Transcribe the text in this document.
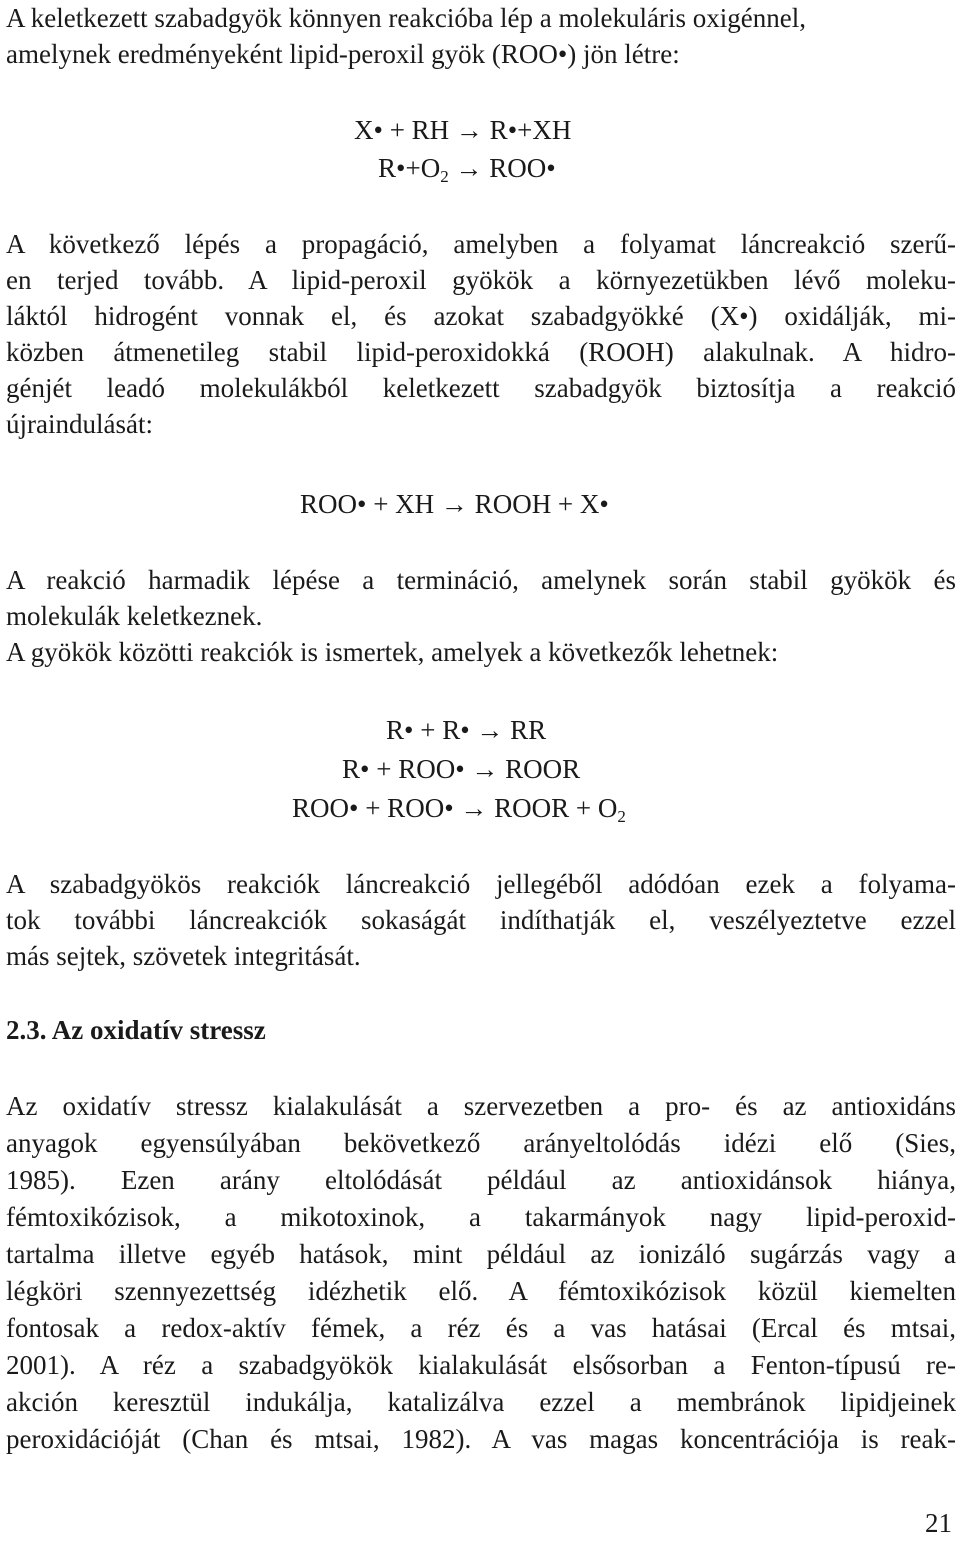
A keletkezett szabadgyök könnyen reakcióba lép a molekuláris oxigénnel,
amelynek eredményeként lipid-peroxil gyök (ROO•) jön létre:
X• + RH → R•+XH
$R•+O_2$ → ROO•
A következő lépés a propagáció, amelyben a folyamat láncreakció szerű-
en terjed tovább. A lipid-peroxil gyökök a környezetükben lévő moleku-
láktól hidrogént vonnak el, és azokat szabadgyökké (X•) oxidálják, mi-
közben átmenetileg stabil lipid-peroxidokká (ROOH) alakulnak. A hidro-
génjét leadó molekulákból keletkezett szabadgyök biztosítja a reakció
újraindulását:
ROO• + XH → ROOH + X•
A reakció harmadik lépése a termináció, amelynek során stabil gyökök és
molekulák keletkeznek.
A gyökök közötti reakciók is ismertek, amelyek a következők lehetnek:
R• + R• → RR
R• + ROO• → ROOR
ROO• + ROO• → ROOR + $O_2$
A szabadgyökös reakciók láncreakció jellegéből adódóan ezek a folyama-
tok további láncreakciók sokaságát indíthatják el, veszélyeztetve ezzel
más sejtek, szövetek integritását.
2.3. Az oxidatív stressz
Az oxidatív stressz kialakulását a szervezetben a pro- és az antioxidáns
anyagok egyensúlyában bekövetkező arányeltolódás idézi elő (Sies,
1985). Ezen arány eltolódását például az antioxidánsok hiánya,
fémtoxikózisok, a mikotoxinok, a takarmányok nagy lipid-peroxid-
tartalma illetve egyéb hatások, mint például az ionizáló sugárzás vagy a
légköri szennyezettség idézhetik elő. A fémtoxikózisok közül kiemelten
fontosak a redox-aktív fémek, a réz és a vas hatásai (Ercal és mtsai,
2001). A réz a szabadgyökök kialakulását elsősorban a Fenton-típusú re-
akción keresztül indukálja, katalizálva ezzel a membránok lipidjeinek
peroxidációját (Chan és mtsai, 1982). A vas magas koncentrációja is reak-
21
